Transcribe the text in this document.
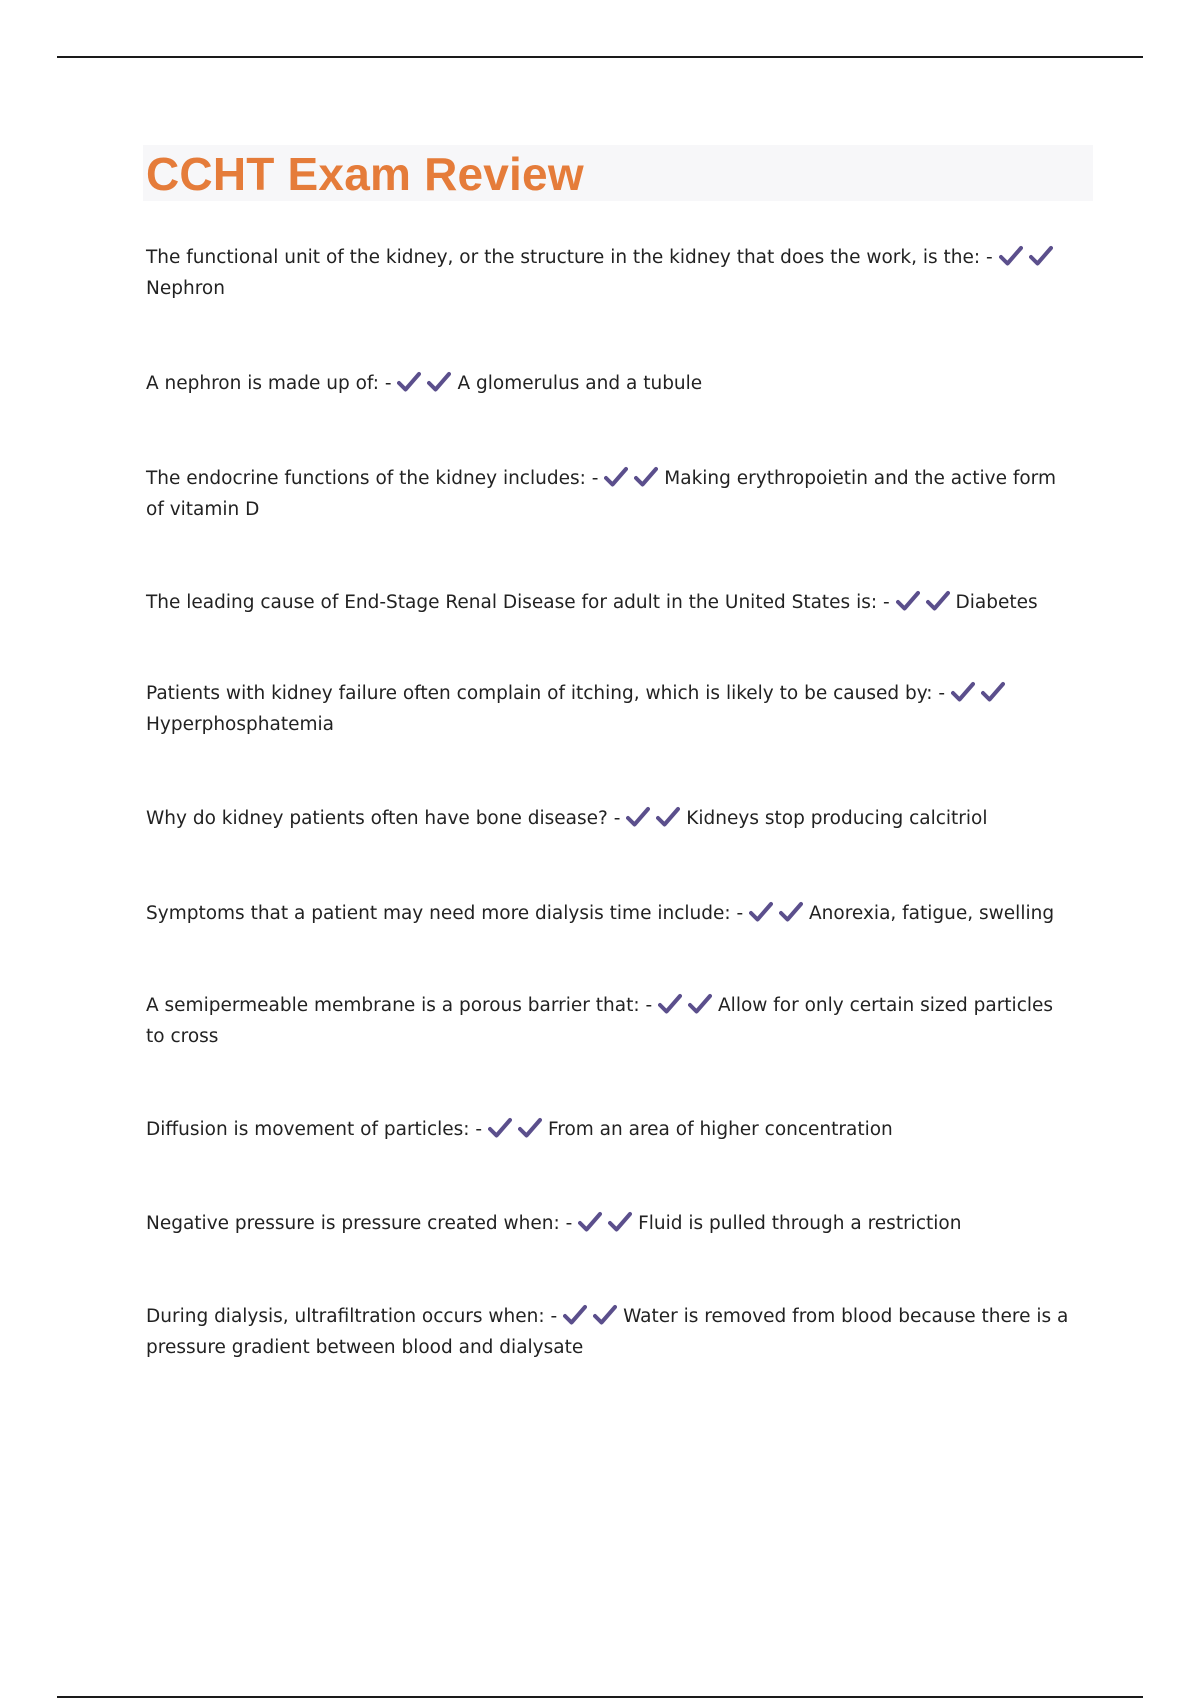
CCHT Exam Review

The functional unit of the kidney, or the structure in the kidney that does the work, is the: -
Nephron

A nephron is made up of: -	A glomerulus and a tubule

The endocrine functions of the kidney includes: -	Making erythropoietin and the active form of vitamin D

The leading cause of End-Stage Renal Disease for adult in the United States is: -	Diabetes

Patients with kidney failure often complain of itching, which is likely to be caused by: -
Hyperphosphatemia

Why do kidney patients often have bone disease? -	Kidneys stop producing calcitriol

Symptoms that a patient may need more dialysis time include: -	Anorexia, fatigue, swelling

A semipermeable membrane is a porous barrier that: -	Allow for only certain sized particles to cross

Diffusion is movement of particles: -	From an area of higher concentration

Negative pressure is pressure created when: -	Fluid is pulled through a restriction

During dialysis, ultrafiltration occurs when: -	Water is removed from blood because there is a pressure gradient between blood and dialysate
